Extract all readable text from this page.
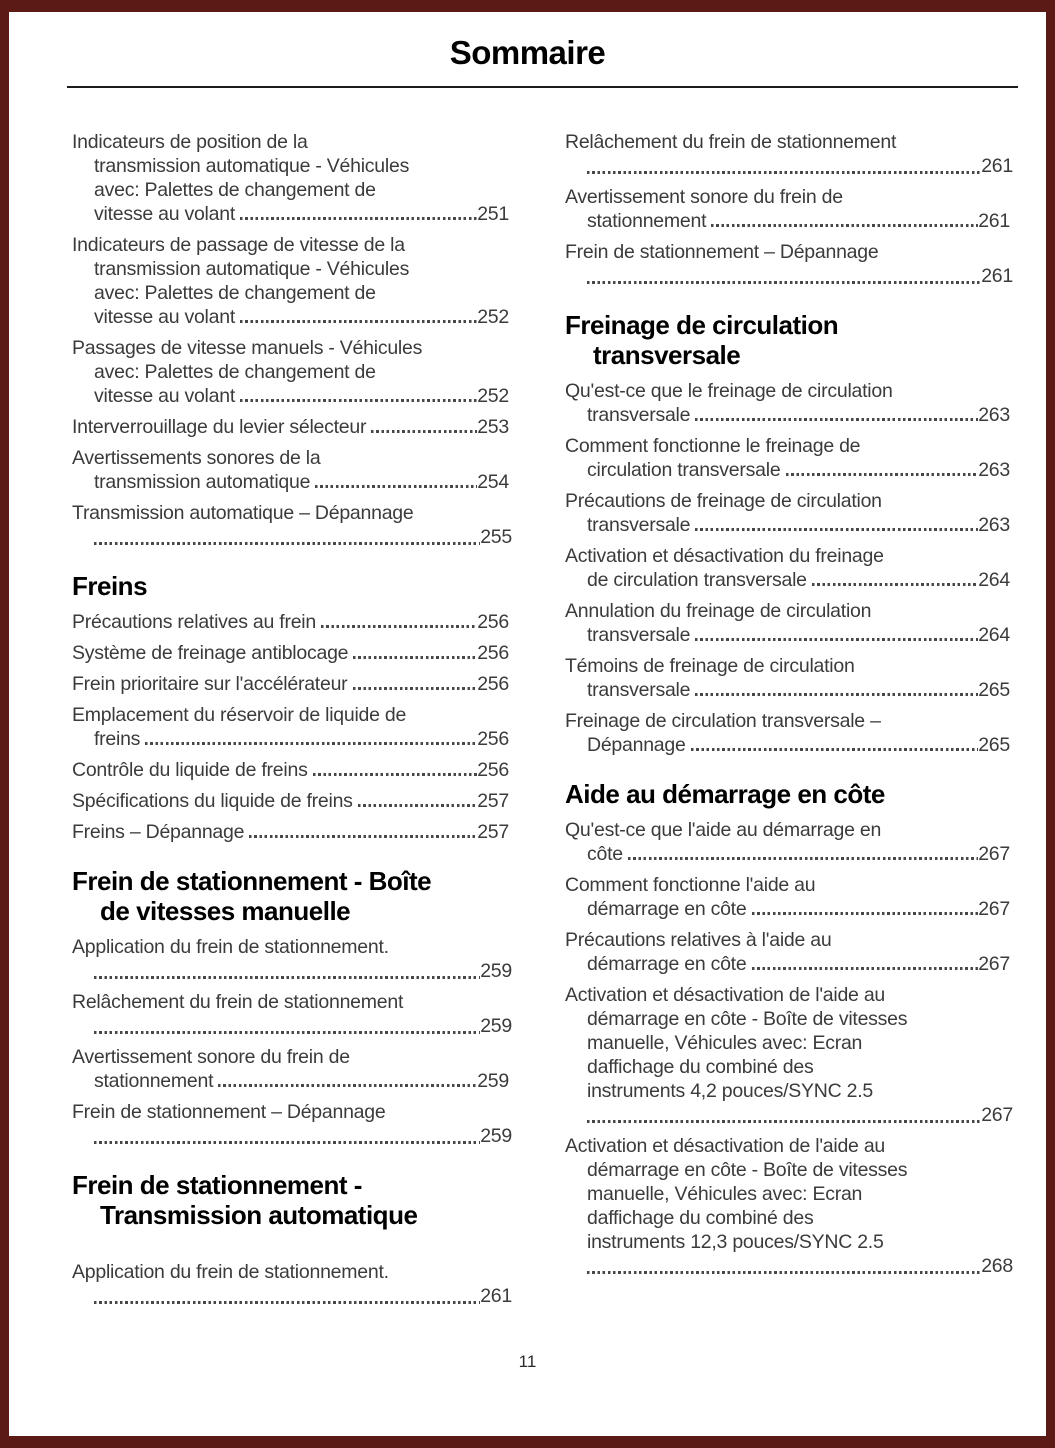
Sommaire
Indicateurs de position de la
transmission automatique - Véhicules
avec: Palettes de changement de
vitesse au volant	251
Indicateurs de passage de vitesse de la
transmission automatique - Véhicules
avec: Palettes de changement de
vitesse au volant	252
Passages de vitesse manuels - Véhicules
avec: Palettes de changement de
vitesse au volant	252
Interverrouillage du levier sélecteur	253
Avertissements sonores de la
transmission automatique	254
Transmission automatique – Dépannage
255
Freins
Précautions relatives au frein	256
Système de freinage antiblocage	256
Frein prioritaire sur l'accélérateur	256
Emplacement du réservoir de liquide de
freins	256
Contrôle du liquide de freins	256
Spécifications du liquide de freins	257
Freins – Dépannage	257
Frein de stationnement - Boîte
de vitesses manuelle
Application du frein de stationnement.
259
Relâchement du frein de stationnement
259
Avertissement sonore du frein de
stationnement	259
Frein de stationnement – Dépannage
259
Frein de stationnement -
Transmission automatique
Application du frein de stationnement.
261
Relâchement du frein de stationnement
261
Avertissement sonore du frein de
stationnement	261
Frein de stationnement – Dépannage
261
Freinage de circulation
transversale
Qu'est-ce que le freinage de circulation
transversale	263
Comment fonctionne le freinage de
circulation transversale	263
Précautions de freinage de circulation
transversale	263
Activation et désactivation du freinage
de circulation transversale	264
Annulation du freinage de circulation
transversale	264
Témoins de freinage de circulation
transversale	265
Freinage de circulation transversale –
Dépannage	265
Aide au démarrage en côte
Qu'est-ce que l'aide au démarrage en
côte	267
Comment fonctionne l'aide au
démarrage en côte	267
Précautions relatives à l'aide au
démarrage en côte	267
Activation et désactivation de l'aide au
démarrage en côte - Boîte de vitesses
manuelle, Véhicules avec: Ecran
daffichage du combiné des
instruments 4,2 pouces/SYNC 2.5
267
Activation et désactivation de l'aide au
démarrage en côte - Boîte de vitesses
manuelle, Véhicules avec: Ecran
daffichage du combiné des
instruments 12,3 pouces/SYNC 2.5
268
11
